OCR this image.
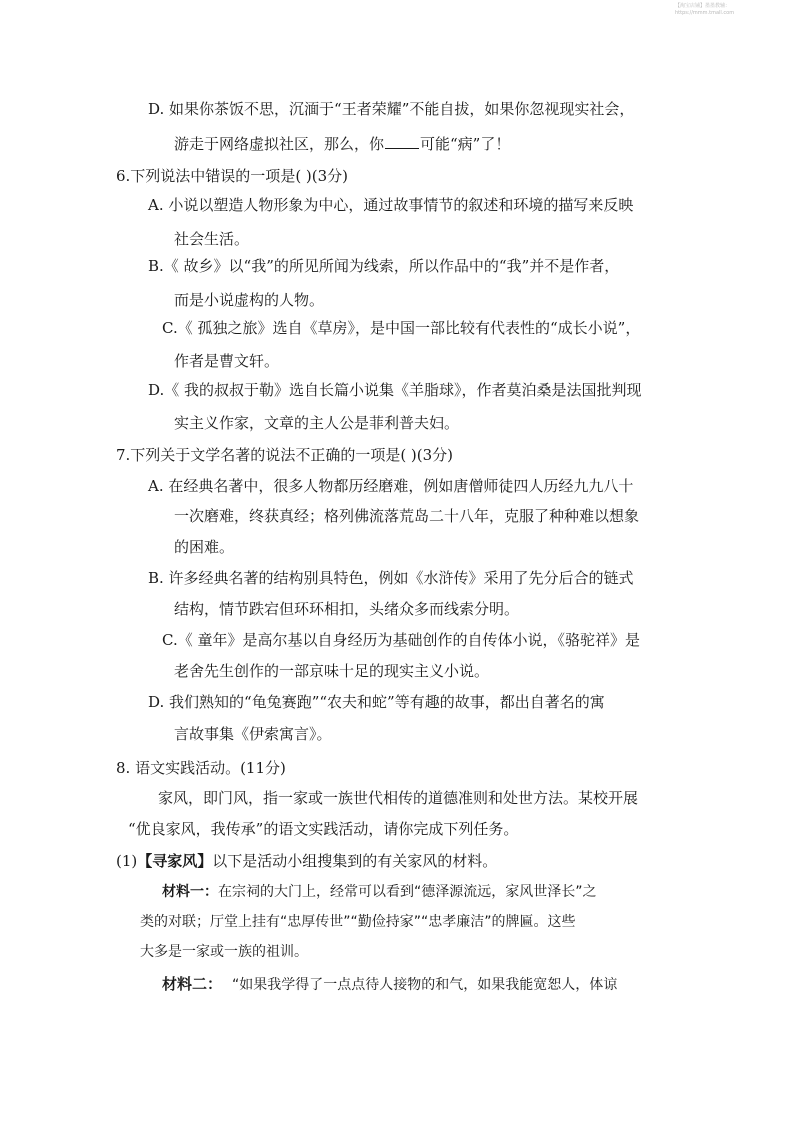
【淘宝店铺】墨墨教辅：
https://mmm.tmall.com
D. 如果你茶饭不思，沉湎于“王者荣耀”不能自拔，如果你忽视现实社会，
游走于网络虚拟社区，那么，你 可能“病”了！
6.下列说法中错误的一项是( )(3分)
A. 小说以塑造人物形象为中心，通过故事情节的叙述和环境的描写来反映
社会生活。
B.《 故乡》以“我”的所见所闻为线索，所以作品中的“我”并不是作者，
而是小说虚构的人物。
C.《 孤独之旅》选自《草房》，是中国一部比较有代表性的“成长小说”，
作者是曹文轩。
D.《 我的叔叔于勒》选自长篇小说集《羊脂球》，作者莫泊桑是法国批判现
实主义作家，文章的主人公是菲利普夫妇。
7.下列关于文学名著的说法不正确的一项是( )(3分)
A. 在经典名著中，很多人物都历经磨难，例如唐僧师徒四人历经九九八十
一次磨难，终获真经；格列佛流落荒岛二十八年，克服了种种难以想象
的困难。
B. 许多经典名著的结构别具特色，例如《水浒传》采用了先分后合的链式
结构，情节跌宕但环环相扣，头绪众多而线索分明。
C.《 童年》是高尔基以自身经历为基础创作的自传体小说，《骆驼祥》是
老舍先生创作的一部京味十足的现实主义小说。
D. 我们熟知的“龟兔赛跑”“农夫和蛇”等有趣的故事，都出自著名的寓
言故事集《伊索寓言》。
8. 语文实践活动。(11分)
家风，即门风，指一家或一族世代相传的道德准则和处世方法。某校开展
“优良家风，我传承”的语文实践活动，请你完成下列任务。
(1)【寻家风】以下是活动小组搜集到的有关家风的材料。
材料一：在宗祠的大门上，经常可以看到“德泽源流远，家风世泽长”之
类的对联；厅堂上挂有“忠厚传世”“勤俭持家”“忠孝廉洁”的牌匾。这些
大多是一家或一族的祖训。
材料二： “如果我学得了一点点待人接物的和气，如果我能宽恕人，体谅
